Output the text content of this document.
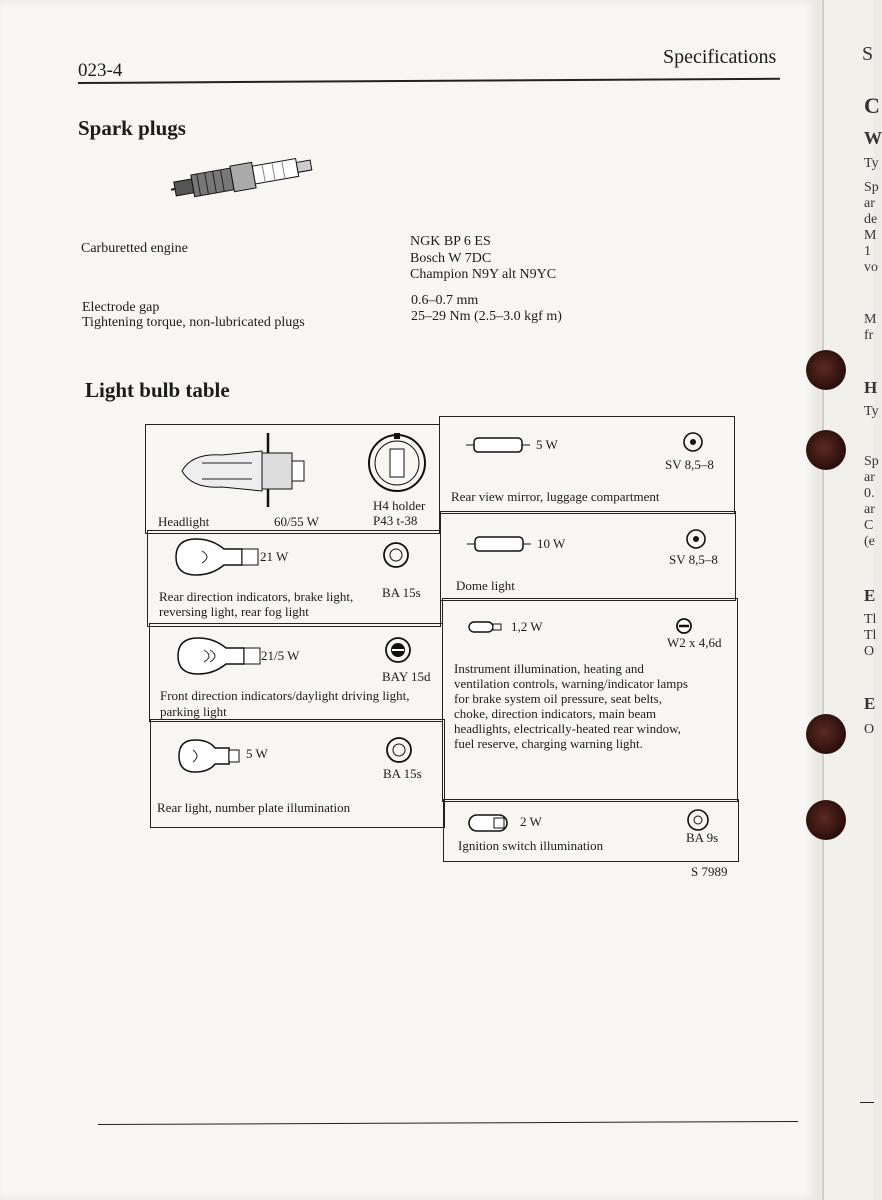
023-4
Specifications
Spark plugs
Carburetted engine	NGK BP 6 ES
Bosch W 7DC
Champion N9Y alt N9YC
Electrode gap	0.6–0.7 mm
Tightening torque, non-lubricated plugs	25–29 Nm (2.5–3.0 kgf m)
Light bulb table
Headlight	60/55 W
H4 holder
P43 t-38
21 W
BA 15s
Rear direction indicators, brake light,
reversing light, rear fog light
21/5 W
BAY 15d
Front direction indicators/daylight driving light,
parking light
5 W
BA 15s
Rear light, number plate illumination
5 W
SV 8,5–8
Rear view mirror, luggage compartment
10 W
SV 8,5–8
Dome light
1,2 W
W2 x 4,6d
Instrument illumination, heating and
ventilation controls, warning/indicator lamps
for brake system oil pressure, seat belts,
choke, direction indicators, main beam
headlights, electrically-heated rear window,
fuel reserve, charging warning light.
2 W
BA 9s
Ignition switch illumination
S 7989
S
C
W
Ty
Sp
ar
de
M
1
vo
M
fr
H
Ty
Sp
ar
0.
ar
C
(e
E
Tl
Tl
O
E
O
